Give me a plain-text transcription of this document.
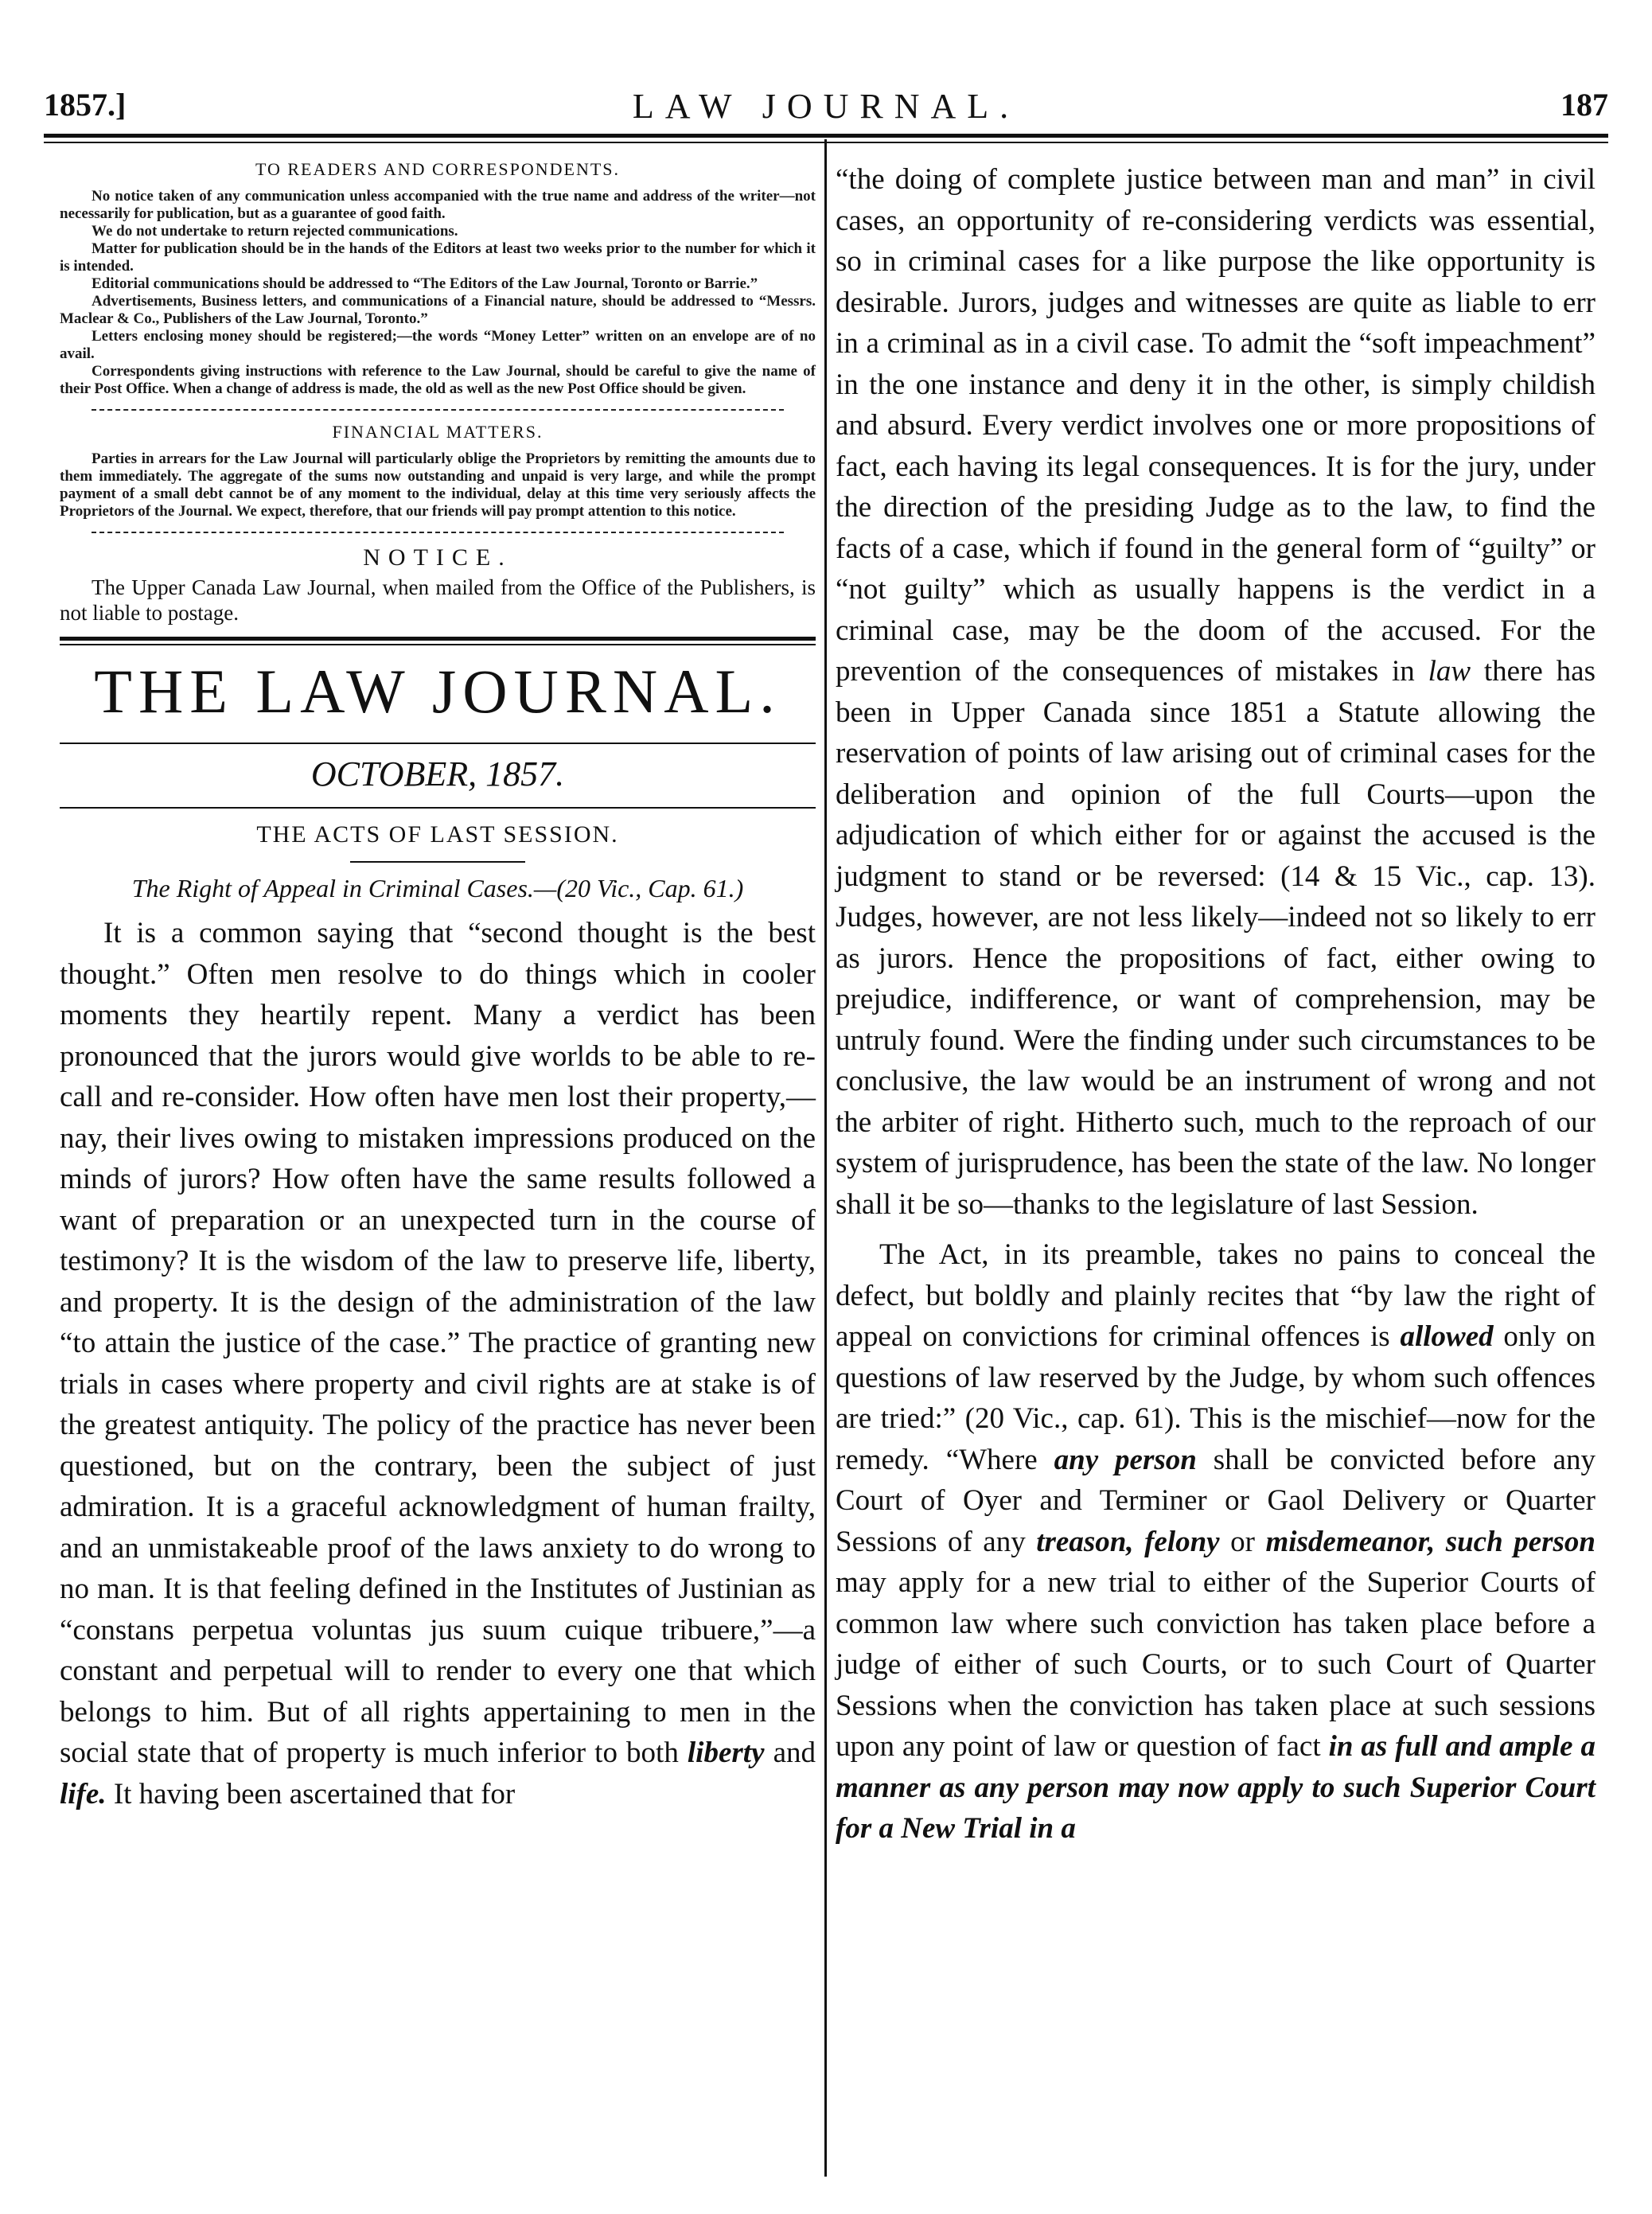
1857.]	LAW JOURNAL.	187
TO READERS AND CORRESPONDENTS.

No notice taken of any communication unless accompanied with the true name and address of the writer—not necessarily for publication, but as a guarantee of good faith.

We do not undertake to return rejected communications.

Matter for publication should be in the hands of the Editors at least two weeks prior to the number for which it is intended.

Editorial communications should be addressed to “The Editors of the Law Journal, Toronto or Barrie.”

Advertisements, Business letters, and communications of a Financial nature, should be addressed to “Messrs. Maclear & Co., Publishers of the Law Journal, Toronto.”

Letters enclosing money should be registered;—the words “Money Letter” written on an envelope are of no avail.

Correspondents giving instructions with reference to the Law Journal, should be careful to give the name of their Post Office. When a change of address is made, the old as well as the new Post Office should be given.

FINANCIAL MATTERS.

Parties in arrears for the Law Journal will particularly oblige the Proprietors by remitting the amounts due to them immediately. The aggregate of the sums now outstanding and unpaid is very large, and while the prompt payment of a small debt cannot be of any moment to the individual, delay at this time very seriously affects the Proprietors of the Journal. We expect, therefore, that our friends will pay prompt attention to this notice.

NOTICE.

The Upper Canada Law Journal, when mailed from the Office of the Publishers, is not liable to postage.

THE LAW JOURNAL.
OCTOBER, 1857.
THE ACTS OF LAST SESSION.
The Right of Appeal in Criminal Cases.—(20 Vic., Cap. 61.)

It is a common saying that “second thought is the best thought.” Often men resolve to do things which in cooler moments they heartily repent. Many a verdict has been pronounced that the jurors would give worlds to be able to re-call and re-consider. How often have men lost their property,—nay, their lives owing to mistaken impressions produced on the minds of jurors? How often have the same results followed a want of preparation or an unexpected turn in the course of testimony? It is the wisdom of the law to preserve life, liberty, and property. It is the design of the administration of the law “to attain the justice of the case.” The practice of granting new trials in cases where property and civil rights are at stake is of the greatest antiquity. The policy of the practice has never been questioned, but on the contrary, been the subject of just admiration. It is a graceful acknowledgment of human frailty, and an unmistakeable proof of the laws anxiety to do wrong to no man. It is that feeling defined in the Institutes of Justinian as “constans perpetua voluntas jus suum cuique tribuere,”—a constant and perpetual will to render to every one that which belongs to him. But of all rights appertaining to men in the social state that of property is much inferior to both liberty and life. It having been ascertained that for

“the doing of complete justice between man and man” in civil cases, an opportunity of re-considering verdicts was essential, so in criminal cases for a like purpose the like opportunity is desirable. Jurors, judges and witnesses are quite as liable to err in a criminal as in a civil case. To admit the “soft impeachment” in the one instance and deny it in the other, is simply childish and absurd. Every verdict involves one or more propositions of fact, each having its legal consequences. It is for the jury, under the direction of the presiding Judge as to the law, to find the facts of a case, which if found in the general form of “guilty” or “not guilty” which as usually happens is the verdict in a criminal case, may be the doom of the accused. For the prevention of the consequences of mistakes in law there has been in Upper Canada since 1851 a Statute allowing the reservation of points of law arising out of criminal cases for the deliberation and opinion of the full Courts—upon the adjudication of which either for or against the accused is the judgment to stand or be reversed: (14 & 15 Vic., cap. 13). Judges, however, are not less likely—indeed not so likely to err as jurors. Hence the propositions of fact, either owing to prejudice, indifference, or want of comprehension, may be untruly found. Were the finding under such circumstances to be conclusive, the law would be an instrument of wrong and not the arbiter of right. Hitherto such, much to the reproach of our system of jurisprudence, has been the state of the law. No longer shall it be so—thanks to the legislature of last Session.

The Act, in its preamble, takes no pains to conceal the defect, but boldly and plainly recites that “by law the right of appeal on convictions for criminal offences is allowed only on questions of law reserved by the Judge, by whom such offences are tried:” (20 Vic., cap. 61). This is the mischief—now for the remedy. “Where any person shall be convicted before any Court of Oyer and Terminer or Gaol Delivery or Quarter Sessions of any treason, felony or misdemeanor, such person may apply for a new trial to either of the Superior Courts of common law where such conviction has taken place before a judge of either of such Courts, or to such Court of Quarter Sessions when the conviction has taken place at such sessions upon any point of law or question of fact in as full and ample a manner as any person may now apply to such Superior Court for a New Trial in a
